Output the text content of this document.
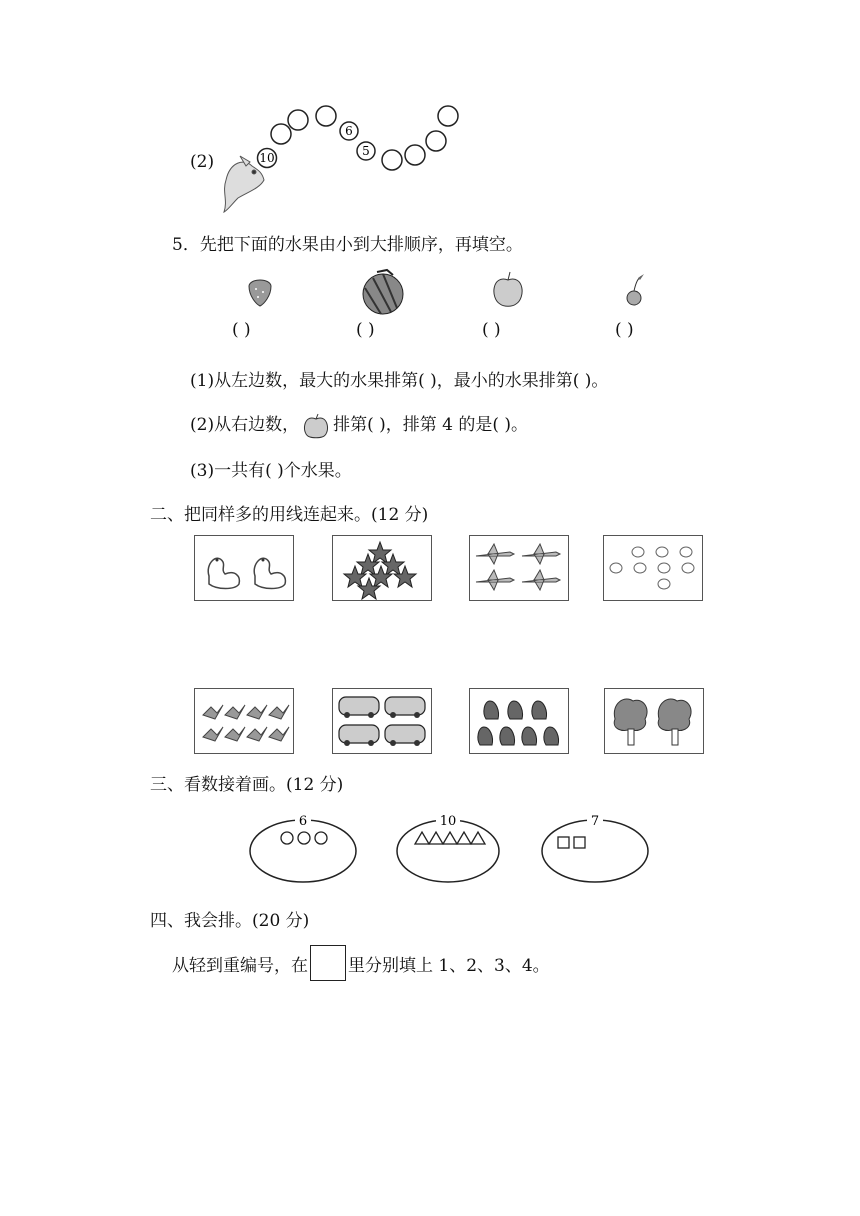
(2)	10
6
5
5．先把下面的水果由小到大排顺序，再填空。
( )	( )	( )	( )
(1)从左边数，最大的水果排第( )，最小的水果排第( )。
(2)从右边数， 排第( )，排第 4 的是( )。
(3)一共有( )个水果。
二、把同样多的用线连起来。(12 分)
三、看数接着画。(12 分)
6	10	7
四、我会排。(20 分)
从轻到重编号，在 里分别填上 1、2、3、4。
